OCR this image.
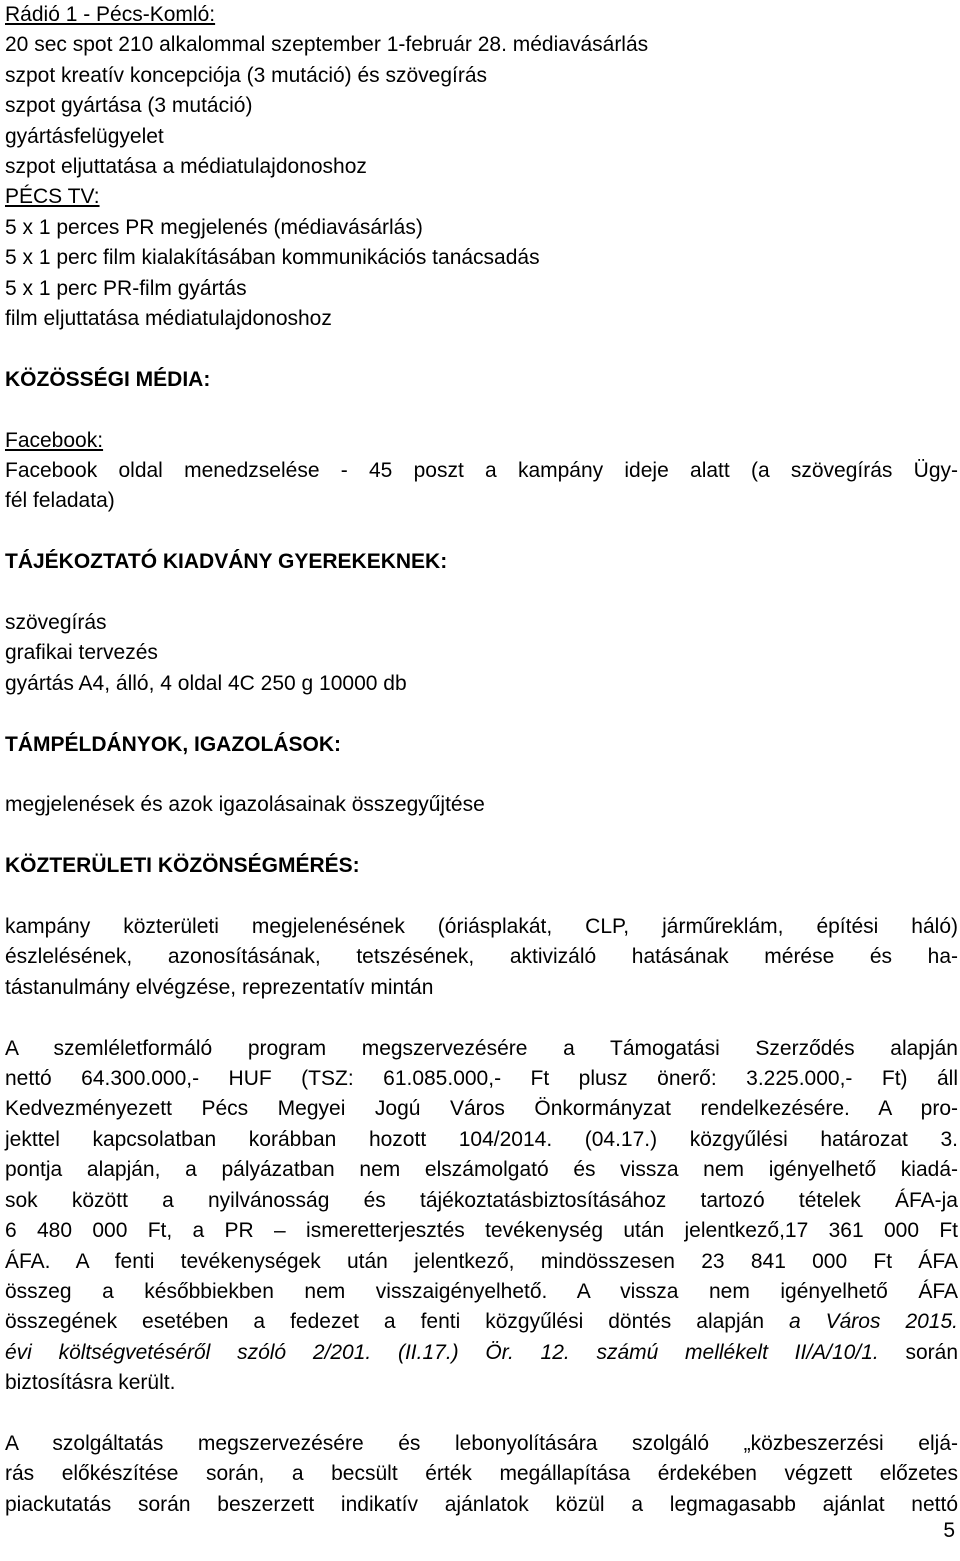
Rádió 1 - Pécs-Komló:

20 sec spot 210 alkalommal szeptember 1-február 28. médiavásárlás

szpot kreatív koncepciója (3 mutáció) és szövegírás

szpot gyártása (3 mutáció)

gyártásfelügyelet

szpot eljuttatása a médiatulajdonoshoz

PÉCS TV:

5 x 1 perces PR megjelenés (médiavásárlás)

5 x 1 perc film kialakításában kommunikációs tanácsadás

5 x 1 perc PR-film gyártás

film eljuttatása médiatulajdonoshoz

KÖZÖSSÉGI MÉDIA:

Facebook:

Facebook oldal menedzselése - 45 poszt a kampány ideje alatt (a szövegírás Ügy-

fél feladata)

TÁJÉKOZTATÓ KIADVÁNY GYEREKEKNEK:

szövegírás

grafikai tervezés

gyártás A4, álló, 4 oldal 4C 250 g 10000 db

TÁMPÉLDÁNYOK, IGAZOLÁSOK:

megjelenések és azok igazolásainak összegyűjtése

KÖZTERÜLETI KÖZÖNSÉGMÉRÉS:

kampány közterületi megjelenésének (óriásplakát, CLP, járműreklám, építési háló)

észlelésének, azonosításának, tetszésének, aktivizáló hatásának mérése és ha-

tástanulmány elvégzése, reprezentatív mintán

A szemléletformáló program megszervezésére a Támogatási Szerződés alapján

nettó 64.300.000,- HUF (TSZ: 61.085.000,- Ft plusz önerő: 3.225.000,- Ft) áll

Kedvezményezett Pécs Megyei Jogú Város Önkormányzat rendelkezésére. A pro-

jekttel kapcsolatban korábban hozott 104/2014. (04.17.) közgyűlési határozat 3.

pontja alapján, a pályázatban nem elszámolgató és vissza nem igényelhető kiadá-

sok között a nyilvánosság és tájékoztatásbiztosításához tartozó tételek ÁFA-ja

6 480 000 Ft, a PR – ismeretterjesztés tevékenység után jelentkező,17 361 000 Ft

ÁFA. A fenti tevékenységek után jelentkező, mindösszesen 23 841 000 Ft ÁFA

összeg a későbbiekben nem visszaigényelhető. A vissza nem igényelhető ÁFA

összegének esetében a fedezet a fenti közgyűlési döntés alapján a Város 2015.

évi költségvetéséről szóló 2/201. (II.17.) Ör. 12. számú mellékelt II/A/10/1. során

biztosításra került.

A szolgáltatás megszervezésére és lebonyolítására szolgáló „közbeszerzési eljá-

rás előkészítése során, a becsült érték megállapítása érdekében végzett előzetes

piackutatás során beszerzett indikatív ajánlatok közül a legmagasabb ajánlat nettó

5
